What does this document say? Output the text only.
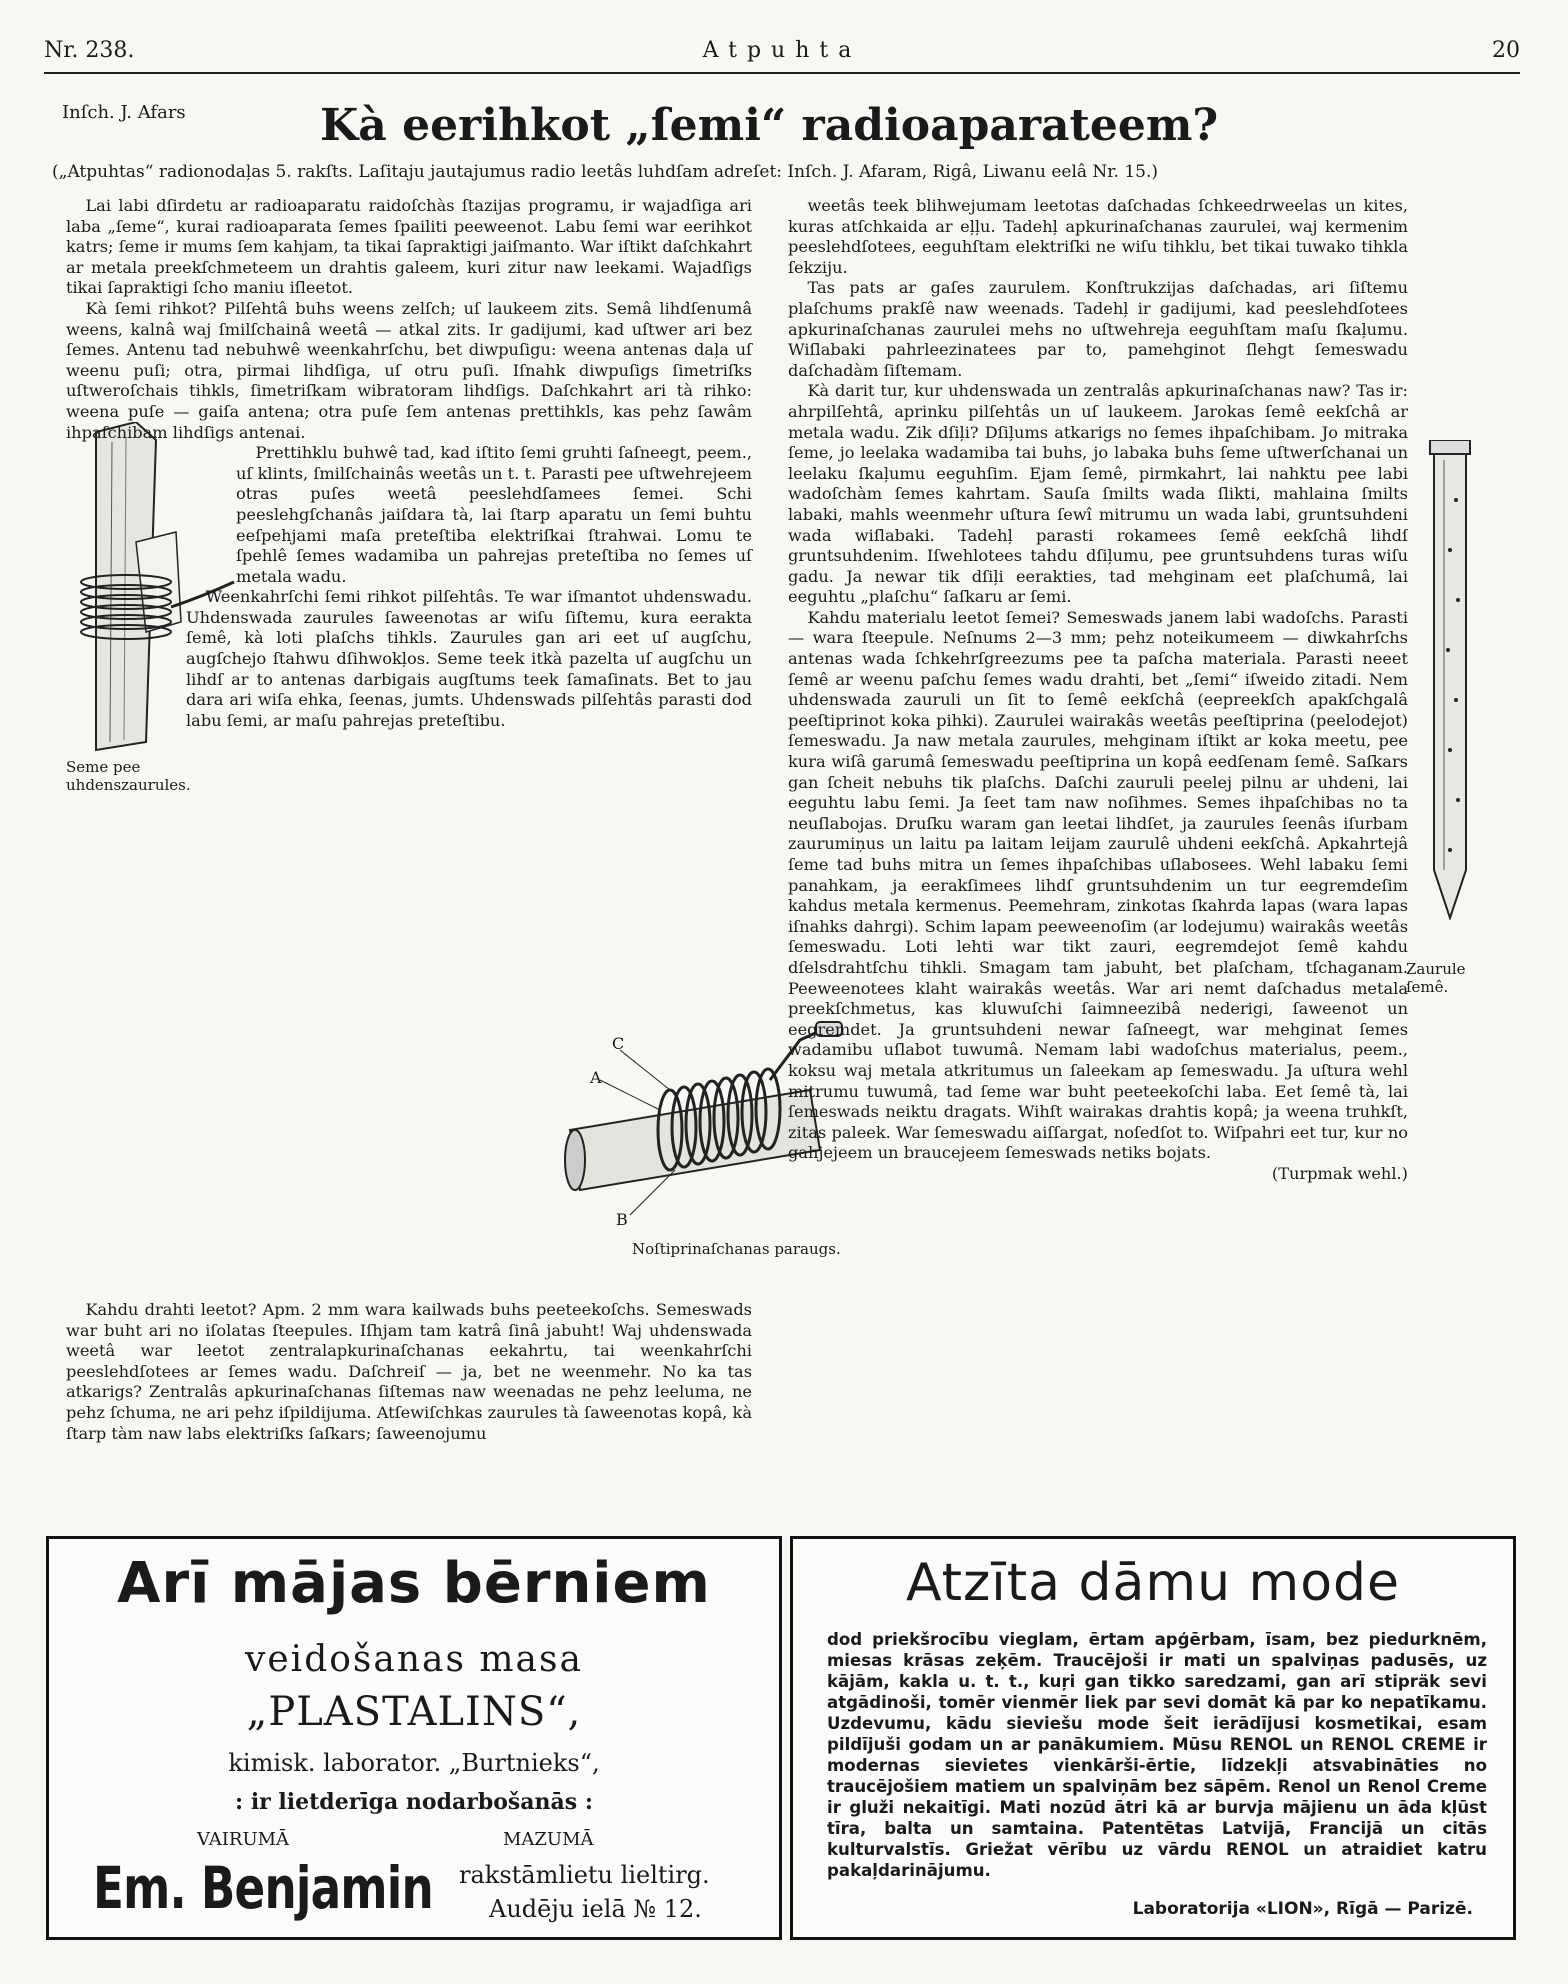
Nr. 238.	Atpuhta	20
Inſch. J. Afars	Kà eerihkot „ſemi“ radioaparateem?
(„Atpuhtas“ radionodaļas 5. rakſts. Laſitaju jautajumus radio leetâs luhdſam adreſet: Inſch. J. Afaram, Rigâ, Liwanu eelâ Nr. 15.)
Seme pee uhdenszaurules.

Lai labi dſirdetu ar radioaparatu raidoſchàs ſtazijas programu, ir wajadſiga ari laba „ſeme“, kurai radioaparata ſemes ſpailiti peeweenot. Labu ſemi war eerihkot katrs; ſeme ir mums ſem kahjam, ta tikai ſapraktigi jaiſmanto. War iſtikt daſchkahrt ar metala preekſchmeteem un drahtis galeem, kuri zitur naw leekami. Wajadſigs tikai ſapraktigi ſcho maniu iſleetot.

Kà ſemi rihkot? Pilſehtâ buhs weens zelſch; uſ laukeem zits. Semâ lihdſenumâ weens, kalnâ waj ſmilſchainâ weetâ — atkal zits. Ir gadijumi, kad uſtwer ari bez ſemes. Antenu tad nebuhwê weenkahrſchu, bet diwpuſigu: weena antenas daļa uſ weenu puſi; otra, pirmai lihdſiga, uſ otru puſi. Iſnahk diwpuſigs ſimetriſks uſtweroſchais tihkls, ſimetriſkam wibratoram lihdſigs. Daſchkahrt ari tà rihko: weena puſe — gaiſa antena; otra puſe ſem antenas prettihkls, kas pehz ſawâm ihpaſchibam lihdſigs antenai.

Prettihklu buhwê tad, kad iſtito ſemi gruhti ſaſneegt, peem., uſ klints, ſmilſchainâs weetâs un t. t. Parasti pee uſtwehrejeem otras puſes weetâ peeslehdſamees ſemei. Schi peeslehgſchanâs jaiſdara tà, lai ſtarp aparatu un ſemi buhtu eeſpehjami maſa preteſtiba elektriſkai ſtrahwai. Lomu te ſpehlê ſemes wadamiba un pahrejas preteſtiba no ſemes uſ metala wadu.

Weenkahrſchi ſemi rihkot pilſehtâs. Te war iſmantot uhdenswadu. Uhdenswada zaurules ſaweenotas ar wiſu ſiſtemu, kura eerakta ſemê, kà loti plaſchs tihkls. Zaurules gan ari eet uſ augſchu, augſchejo ſtahwu dſihwokļos. Seme teek itkà pazelta uſ augſchu un lihdſ ar to antenas darbigais augſtums teek ſamaſinats. Bet to jau dara ari wiſa ehka, ſeenas, jumts. Uhdenswads pilſehtâs parasti dod labu ſemi, ar maſu pahrejas preteſtibu.

A
B
C
Noſtiprinaſchanas paraugs.

Kahdu drahti leetot? Apm. 2 mm wara kailwads buhs peeteekoſchs. Semeswads war buht ari no iſolatas ſteepules. Iſhjam tam katrâ ſinâ jabuht! Waj uhdenswada weetâ war leetot zentralapkurinaſchanas eekahrtu, tai weenkahrſchi peeslehdſotees ar ſemes wadu. Daſchreiſ — ja, bet ne weenmehr. No ka tas atkarigs? Zentralâs apkurinaſchanas ſiſtemas naw weenadas ne pehz leeluma, ne pehz ſchuma, ne ari pehz iſpildijuma. Atſewiſchkas zaurules tà ſaweenotas kopâ, kà ſtarp tàm naw labs elektriſks ſaſkars; ſaweenojumu

weetâs teek blihwejumam leetotas daſchadas ſchkeedrweelas un kites, kuras atſchkaida ar eļļu. Tadehļ apkurinaſchanas zaurulei, waj kermenim peeslehdſotees, eeguhſtam elektriſki ne wiſu tihklu, bet tikai tuwako tihkla ſekziju.

Tas pats ar gaſes zaurulem. Konſtrukzijas daſchadas, ari ſiſtemu plaſchums prakſê naw weenads. Tadehļ ir gadijumi, kad peeslehdſotees apkurinaſchanas zaurulei mehs no uſtwehreja eeguhſtam maſu ſkaļumu. Wiſlabaki pahrleezinatees par to, pamehginot ſlehgt ſemeswadu daſchadàm ſiſtemam.

Kà darit tur, kur uhdenswada un zentralâs apkurinaſchanas naw? Tas ir: ahrpilſehtâ, aprinku pilſehtâs un uſ laukeem. Jarokas ſemê eekſchâ ar metala wadu. Zik dſiļi? Dſiļums atkarigs no ſemes ihpaſchibam. Jo mitraka ſeme, jo leelaka wadamiba tai buhs, jo labaka buhs ſeme uſtwerſchanai un leelaku ſkaļumu eeguhſim. Ejam ſemê, pirmkahrt, lai nahktu pee labi wadoſchàm ſemes kahrtam. Sauſa ſmilts wada ſlikti, mahlaina ſmilts labaki, mahls weenmehr uſtura ſewî mitrumu un wada labi, gruntsuhdeni wada wiſlabaki. Tadehļ parasti rokamees ſemê eekſchâ lihdſ gruntsuhdenim. Iſwehlotees tahdu dſiļumu, pee gruntsuhdens turas wiſu gadu. Ja newar tik dſiļi eerakties, tad mehginam eet plaſchumâ, lai eeguhtu „plaſchu“ ſaſkaru ar ſemi.

Kahdu materialu leetot ſemei? Semeswads janem labi wadoſchs. Parasti — wara ſteepule. Neſnums 2—3 mm; pehz noteikumeem — diwkahrſchs antenas wada ſchkehrſgreezums pee ta paſcha materiala. Parasti neeet ſemê ar weenu paſchu ſemes wadu drahti, bet „ſemi“ iſweido zitadi. Nem uhdenswada zauruli un ſit to ſemê eekſchâ (eepreekſch apakſchgalâ peeſtiprinot koka pihki). Zaurulei wairakâs weetâs peeſtiprina (peelodejot) ſemeswadu. Ja naw metala zaurules, mehginam iſtikt ar koka meetu, pee kura wiſâ garumâ ſemeswadu peeſtiprina un kopâ eedſenam ſemê. Saſkars gan ſcheit nebuhs tik plaſchs. Daſchi zauruli peelej pilnu ar uhdeni, lai eeguhtu labu ſemi. Ja ſeet tam naw noſihmes. Semes ihpaſchibas no ta neuſlabojas. Druſku waram gan leetai lihdſet, ja zaurules ſeenâs iſurbam zaurumiņus un laitu pa laitam leijam zaurulê uhdeni eekſchâ. Apkahrtejâ ſeme tad buhs mitra un ſemes ihpaſchibas uſlabosees. Wehl labaku ſemi panahkam, ja eerakſimees lihdſ gruntsuhdenim un tur eegremdeſim kahdus metala kermenus. Peemehram, zinkotas ſkahrda lapas (wara lapas iſnahks dahrgi). Schim lapam peeweenoſim (ar lodejumu) wairakâs weetâs ſemeswadu. Loti lehti war tikt zauri, eegremdejot ſemê kahdu dſelsdrahtſchu tihkli. Smagam tam jabuht, bet plaſcham, tſchaganam. Peeweenotees klaht wairakâs weetâs. War ari nemt daſchadus metala preekſchmetus, kas kluwuſchi ſaimneezibâ nederigi, ſaweenot un eegremdet. Ja gruntsuhdeni newar ſaſneegt, war mehginat ſemes wadamibu uſlabot tuwumâ. Nemam labi wadoſchus materialus, peem., koksu waj metala atkritumus un ſaleekam ap ſemeswadu. Ja uſtura wehl mitrumu tuwumâ, tad ſeme war buht peeteekoſchi laba. Eet ſemê tà, lai ſemeswads neiktu dragats. Wihſt wairakas drahtis kopâ; ja weena truhkſt, zitas paleek. War ſemeswadu aiſſargat, noſedſot to. Wiſpahri eet tur, kur no gahjejeem un braucejeem ſemeswads netiks bojats.

(Turpmak wehl.)

Zaurule ſemê.
Arī mājas bērniem
veidošanas masa
„PLASTALINS“,
kimisk. laborator. „Burtnieks“,
: ir lietderīga nodarbošanās :
VAIRUMĀ	MAZUMĀ
Em. Benjamin rakstāmlietu lieltirg.
Audēju ielā № 12.
Atzīta dāmu mode
dod priekšrocību vieglam, ērtam apģērbam, īsam, bez piedurknēm, miesas krāsas zeķēm. Traucējoši ir mati un spalviņas padusēs, uz kājām, kakla u. t. t., kuŗi gan tikko saredzami, gan arī stipräk sevi atgādinoši, tomēr vienmēr liek par sevi domāt kā par ko nepatīkamu. Uzdevumu, kādu sieviešu mode šeit ierādījusi kosmetikai, esam pildījuši godam un ar panākumiem. Mūsu RENOL un RENOL CREME ir modernas sievietes vienkārši-ērtie, līdzekļi atsvabināties no traucējošiem matiem un spalviņām bez sāpēm. Renol un Renol Creme ir gluži nekaitīgi. Mati nozūd ātri kā ar burvja mājienu un āda kļūst tīra, balta un samtaina. Patentētas Latvijā, Francijā un citās kulturvalstīs. Griežat vērību uz vārdu RENOL un atraidiet katru pakaļdarinājumu.
Laboratorija «LION», Rīgā — Parizē.
